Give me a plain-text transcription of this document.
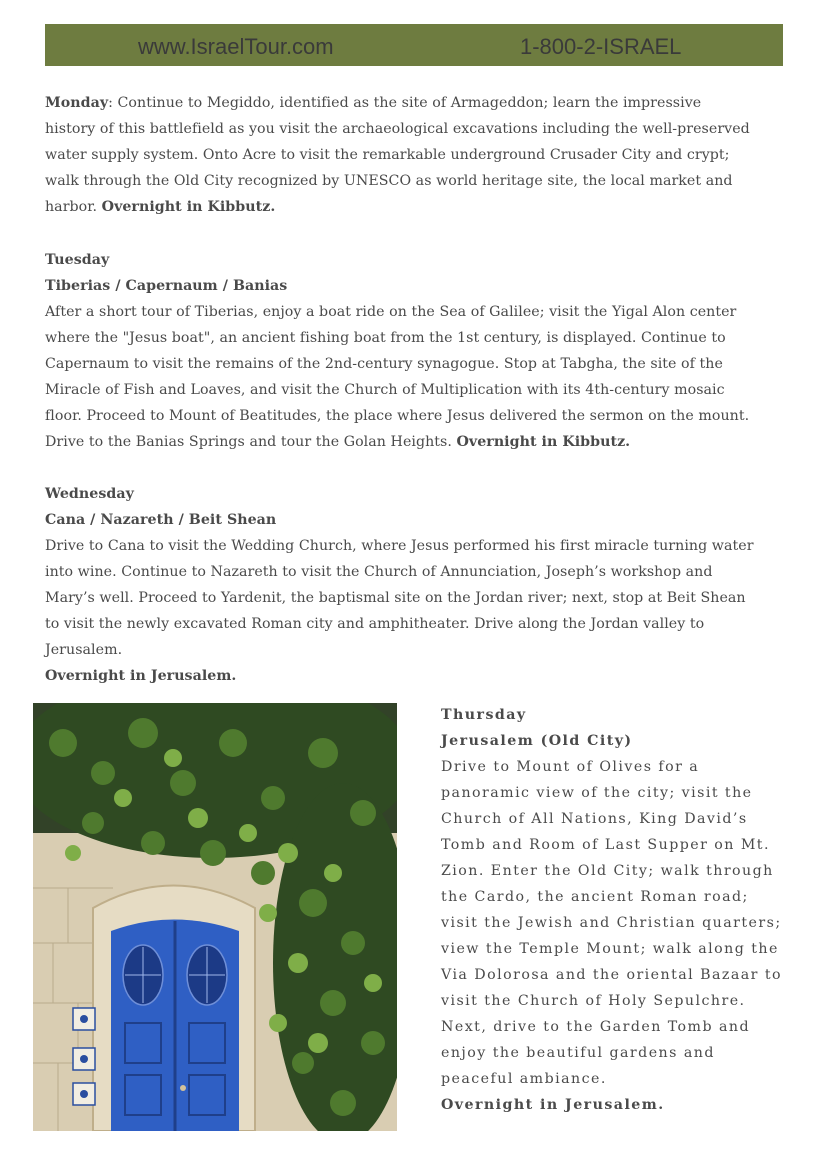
www.IsraelTour.com	1-800-2-ISRAEL

Monday: Continue to Megiddo, identified as the site of Armageddon; learn the impressive history of this battlefield as you visit the archaeological excavations including the well-preserved water supply system. Onto Acre to visit the remarkable underground Crusader City and crypt; walk through the Old City recognized by UNESCO as world heritage site, the local market and harbor. Overnight in Kibbutz.

Tuesday

Tiberias / Capernaum / Banias

After a short tour of Tiberias, enjoy a boat ride on the Sea of Galilee; visit the Yigal Alon center where the "Jesus boat", an ancient fishing boat from the 1st century, is displayed. Continue to Capernaum to visit the remains of the 2nd-century synagogue. Stop at Tabgha, the site of the Miracle of Fish and Loaves, and visit the Church of Multiplication with its 4th-century mosaic floor. Proceed to Mount of Beatitudes, the place where Jesus delivered the sermon on the mount. Drive to the Banias Springs and tour the Golan Heights. Overnight in Kibbutz.

Wednesday

Cana / Nazareth / Beit Shean

Drive to Cana to visit the Wedding Church, where Jesus performed his first miracle turning water into wine. Continue to Nazareth to visit the Church of Annunciation, Joseph’s workshop and Mary’s well. Proceed to Yardenit, the baptismal site on the Jordan river; next, stop at Beit Shean to visit the newly excavated Roman city and amphitheater. Drive along the Jordan valley to Jerusalem.

Overnight in Jerusalem.

Thursday

Jerusalem (Old City)

Drive to Mount of Olives for a panoramic view of the city; visit the Church of All Nations, King David’s Tomb and Room of Last Supper on Mt. Zion. Enter the Old City; walk through the Cardo, the ancient Roman road; visit the Jewish and Christian quarters; view the Temple Mount; walk along the Via Dolorosa and the oriental Bazaar to visit the Church of Holy Sepulchre. Next, drive to the Garden Tomb and enjoy the beautiful gardens and peaceful ambiance.

Overnight in Jerusalem.
